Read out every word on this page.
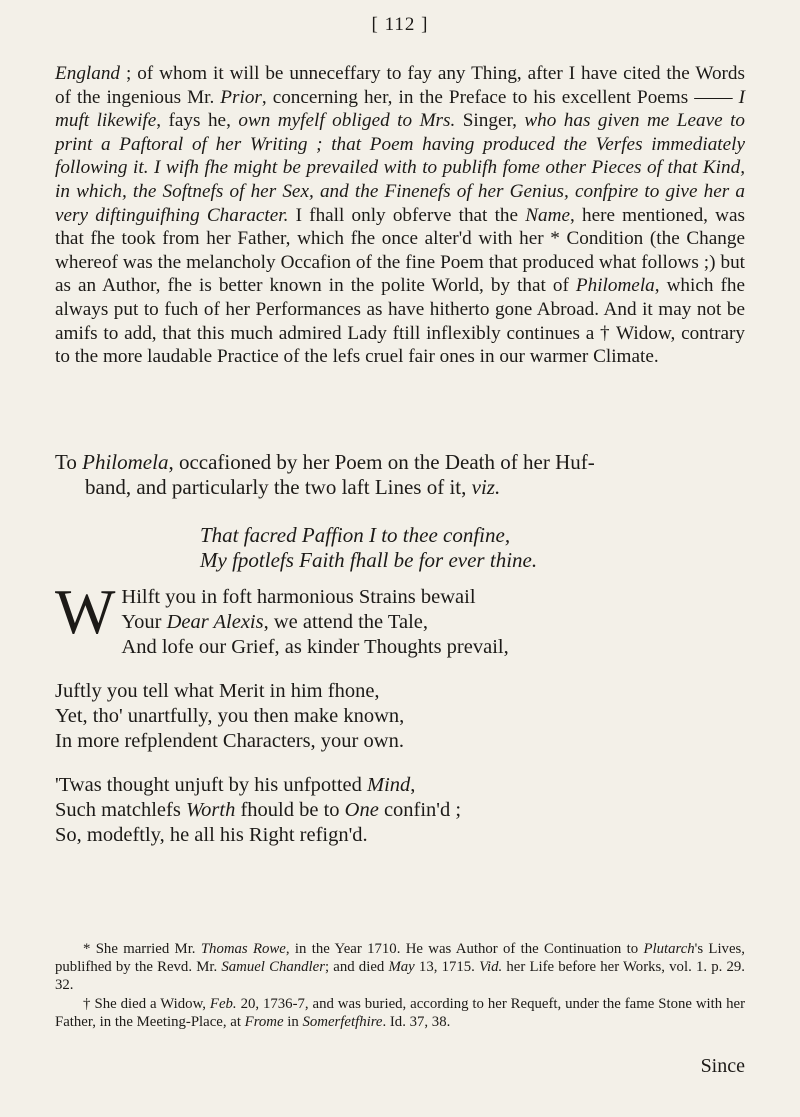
[ 112 ]
England ; of whom it will be unneceffary to fay any Thing, after I have cited the Words of the ingenious Mr. Prior, concerning her, in the Preface to his excellent Poems —— I muft likewife, fays he, own myfelf obliged to Mrs. Singer, who has given me Leave to print a Paftoral of her Writing ; that Poem having produced the Verfes immediately following it. I wifh fhe might be prevailed with to publifh fome other Pieces of that Kind, in which, the Softnefs of her Sex, and the Finenefs of her Genius, confpire to give her a very diftinguifhing Character. I fhall only obferve that the Name, here mentioned, was that fhe took from her Father, which fhe once alter'd with her * Condition (the Change whereof was the melancholy Occafion of the fine Poem that produced what follows ;) but as an Author, fhe is better known in the polite World, by that of Philomela, which fhe always put to fuch of her Performances as have hitherto gone Abroad. And it may not be amifs to add, that this much admired Lady ftill inflexibly continues a † Widow, contrary to the more laudable Practice of the lefs cruel fair ones in our warmer Climate.
To Philomela, occafioned by her Poem on the Death of her Huf-
band, and particularly the two laft Lines of it, viz.
That facred Paffion I to thee confine,
My fpotlefs Faith fhall be for ever thine.
W Hilft you in foft harmonious Strains bewail
Your Dear Alexis, we attend the Tale,
And lofe our Grief, as kinder Thoughts prevail,
Juftly you tell what Merit in him fhone,
Yet, tho' unartfully, you then make known,
In more refplendent Characters, your own.
'Twas thought unjuft by his unfpotted Mind,
Such matchlefs Worth fhould be to One confin'd ;
So, modeftly, he all his Right refign'd.

* She married Mr. Thomas Rowe, in the Year 1710. He was Author of the Continuation to Plutarch's Lives, publifhed by the Revd. Mr. Samuel Chandler; and died May 13, 1715. Vid. her Life before her Works, vol. 1. p. 29. 32.

† She died a Widow, Feb. 20, 1736-7, and was buried, according to her Requeft, under the fame Stone with her Father, in the Meeting-Place, at Frome in Somerfetfhire. Id. 37, 38.

Since
